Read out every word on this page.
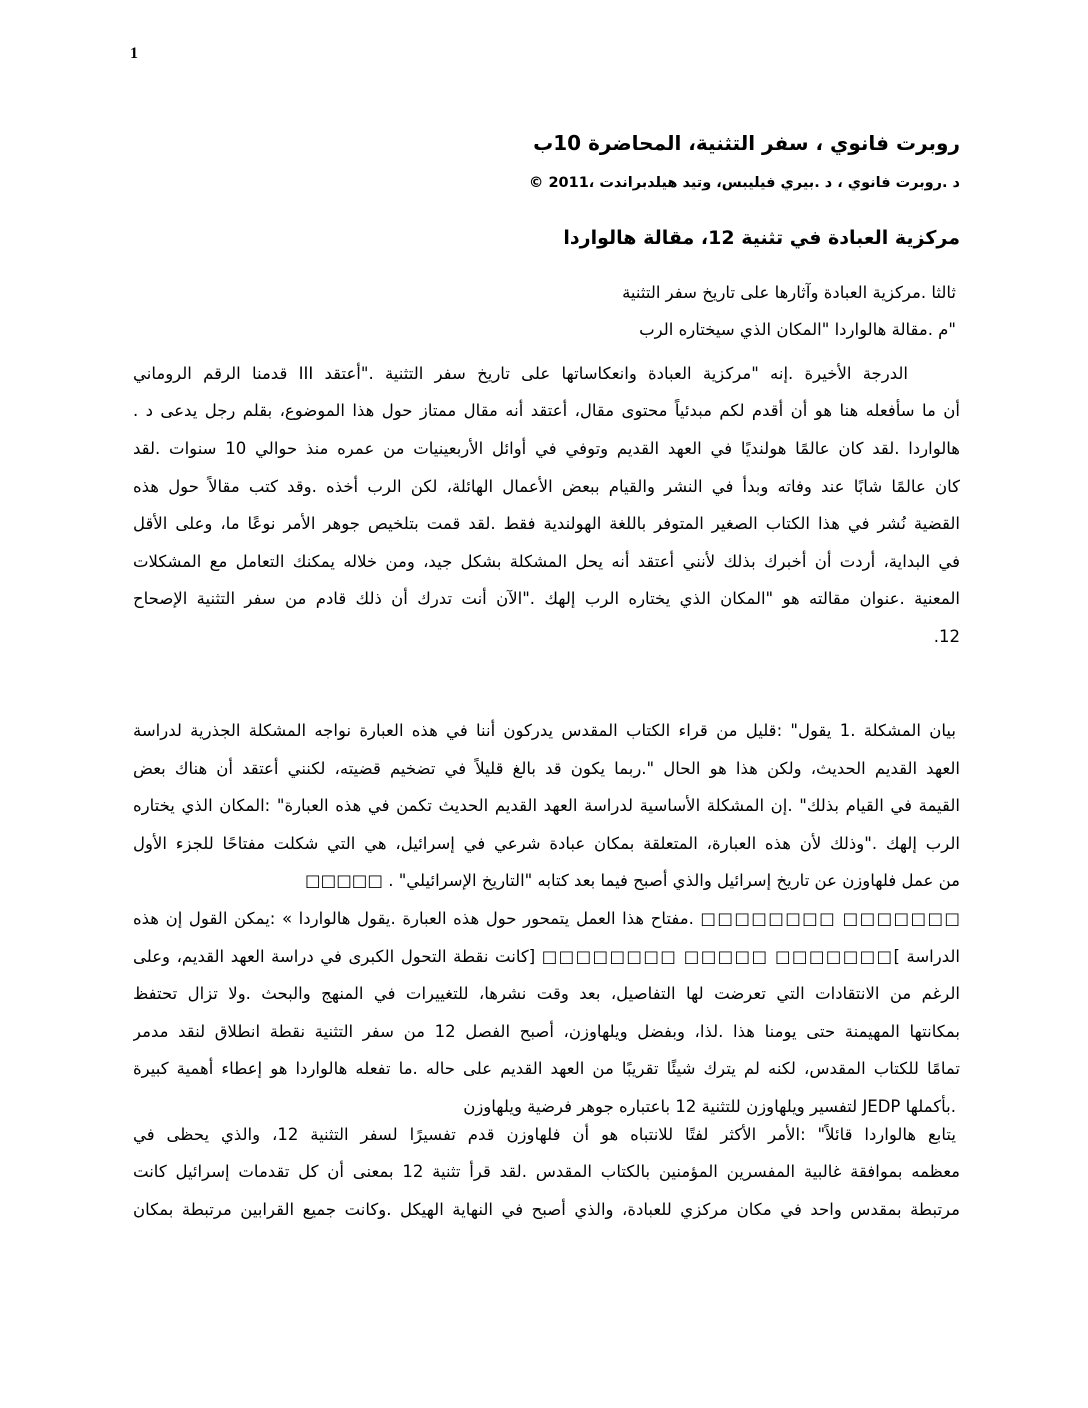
1
روبرت فانوي ، سفر التثنية، المحاضرة 10ب
د .روبرت فانوي ، د .بيري فيليبس، وتيد هيلدبراندت ،2011 ©
مركزية العبادة في تثنية 12، مقالة هالواردا
ثالثا .مركزية العبادة وآثارها على تاريخ سفر التثنية
"م .مقالة هالواردا "المكان الذي سيختاره الرب
الدرجة الأخيرة .إنه "مركزية العبادة وانعكاساتها على تاريخ سفر التثنية ."أعتقد III قدمنا الرقم الروماني
أن ما سأفعله هنا هو أن أقدم لكم مبدئياً محتوى مقال، أعتقد أنه مقال ممتاز حول هذا الموضوع، بقلم رجل يدعى د .
هالواردا .لقد كان عالمًا هولنديًا في العهد القديم وتوفي في أوائل الأربعينيات من عمره منذ حوالي 10 سنوات .لقد
كان عالمًا شابًا عند وفاته وبدأ في النشر والقيام ببعض الأعمال الهائلة، لكن الرب أخذه .وقد كتب مقالاً حول هذه
القضية نُشر في هذا الكتاب الصغير المتوفر باللغة الهولندية فقط .لقد قمت بتلخيص جوهر الأمر نوعًا ما، وعلى الأقل
في البداية، أردت أن أخبرك بذلك لأنني أعتقد أنه يحل المشكلة بشكل جيد، ومن خلاله يمكنك التعامل مع المشكلات
المعنية .عنوان مقالته هو "المكان الذي يختاره الرب إلهك ."الآن أنت تدرك أن ذلك قادم من سفر التثنية الإصحاح
12.
بيان المشكلة .1 يقول" :قليل من قراء الكتاب المقدس يدركون أننا في هذه العبارة نواجه المشكلة الجذرية لدراسة
العهد القديم الحديث، ولكن هذا هو الحال ".ربما يكون قد بالغ قليلاً في تضخيم قضيته، لكنني أعتقد أن هناك بعض
القيمة في القيام بذلك" .إن المشكلة الأساسية لدراسة العهد القديم الحديث تكمن في هذه العبارة" :المكان الذي يختاره
الرب إلهك ."وذلك لأن هذه العبارة، المتعلقة بمكان عبادة شرعي في إسرائيل، هي التي شكلت مفتاحًا للجزء الأول
من عمل فلهاوزن عن تاريخ إسرائيل والذي أصبح فيما بعد كتابه "التاريخ الإسرائيلي" . □□□□□
□□□□□□□ □□□□□□□□ .مفتاح هذا العمل يتمحور حول هذه العبارة .يقول هالواردا » :يمكن القول إن هذه
الدراسة ]□□□□□□□ □□□□□ □□□□□□□□ [كانت نقطة التحول الكبرى في دراسة العهد القديم، وعلى
الرغم من الانتقادات التي تعرضت لها التفاصيل، بعد وقت نشرها، للتغييرات في المنهج والبحث .ولا تزال تحتفظ
بمكانتها المهيمنة حتى يومنا هذا .لذا، وبفضل ويلهاوزن، أصبح الفصل 12 من سفر التثنية نقطة انطلاق لنقد مدمر
تمامًا للكتاب المقدس، لكنه لم يترك شيئًا تقريبًا من العهد القديم على حاله .ما تفعله هالواردا هو إعطاء أهمية كبيرة
.بأكملها JEDP لتفسير ويلهاوزن للتثنية 12 باعتباره جوهر فرضية ويلهاوزن
يتابع هالواردا قائلاً" :الأمر الأكثر لفتًا للانتباه هو أن فلهاوزن قدم تفسيرًا لسفر التثنية 12، والذي يحظى في
معظمه بموافقة غالبية المفسرين المؤمنين بالكتاب المقدس .لقد قرأ تثنية 12 بمعنى أن كل تقدمات إسرائيل كانت
مرتبطة بمقدس واحد في مكان مركزي للعبادة، والذي أصبح في النهاية الهيكل .وكانت جميع القرابين مرتبطة بمكان
